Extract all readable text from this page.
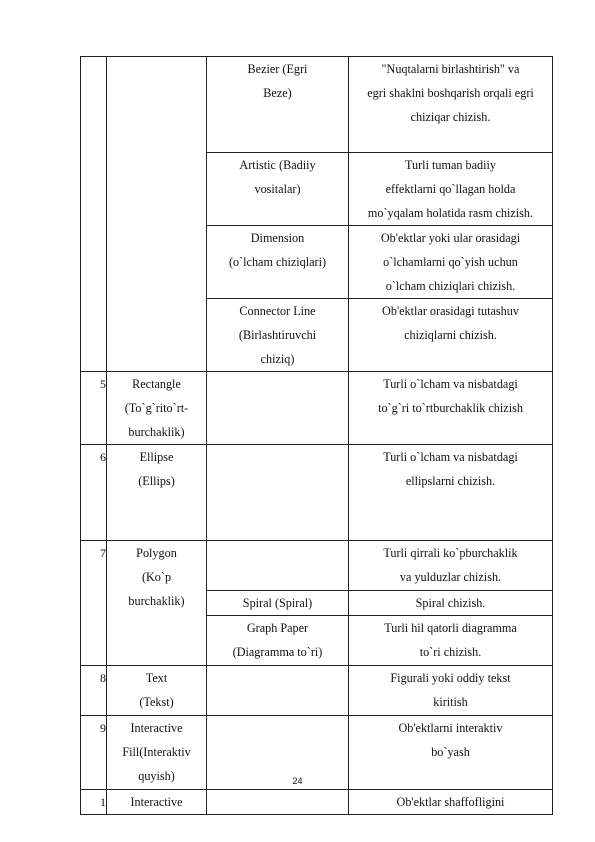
		Bezier (Egri
Beze)	"Nuqtalarni birlashtirish" va
egri shaklni boshqarish orqali egri
chiziqar chizish.
		Artistic (Badiiy
vositalar)	Turli tuman badiiy
effektlarni qo`llagan holda
mo`yqalam holatida rasm chizish.
		Dimension
(o`lcham chiziqlari)	Ob'ektlar yoki ular orasidagi
o`lchamlarni qo`yish uchun
o`lcham chiziqlari chizish.
		Connector Line
(Birlashtiruvchi
chiziq)	Ob'ektlar orasidagi tutashuv
chiziqlarni chizish.
5	Rectangle
(To`g`rito`rt-
burchaklik)		Turli o`lcham va nisbatdagi
to`g`ri to`rtburchaklik chizish
6	Ellipse
(Ellips)		Turli o`lcham va nisbatdagi
ellipslarni chizish.
7	Polygon
(Ko`p
burchaklik)		Turli qirrali ko`pburchaklik
va yulduzlar chizish.
		Spiral (Spiral)	Spiral chizish.
		Graph Paper
(Diagramma to`ri)	Turli hil qatorli diagramma
to`ri chizish.
8	Text
(Tekst)		Figurali yoki oddiy tekst
kiritish
9	Interactive
Fill(Interaktiv
quyish)		Ob'ektlarni interaktiv
bo`yash
1	Interactive		Ob'ektlar shaffofligini
24
